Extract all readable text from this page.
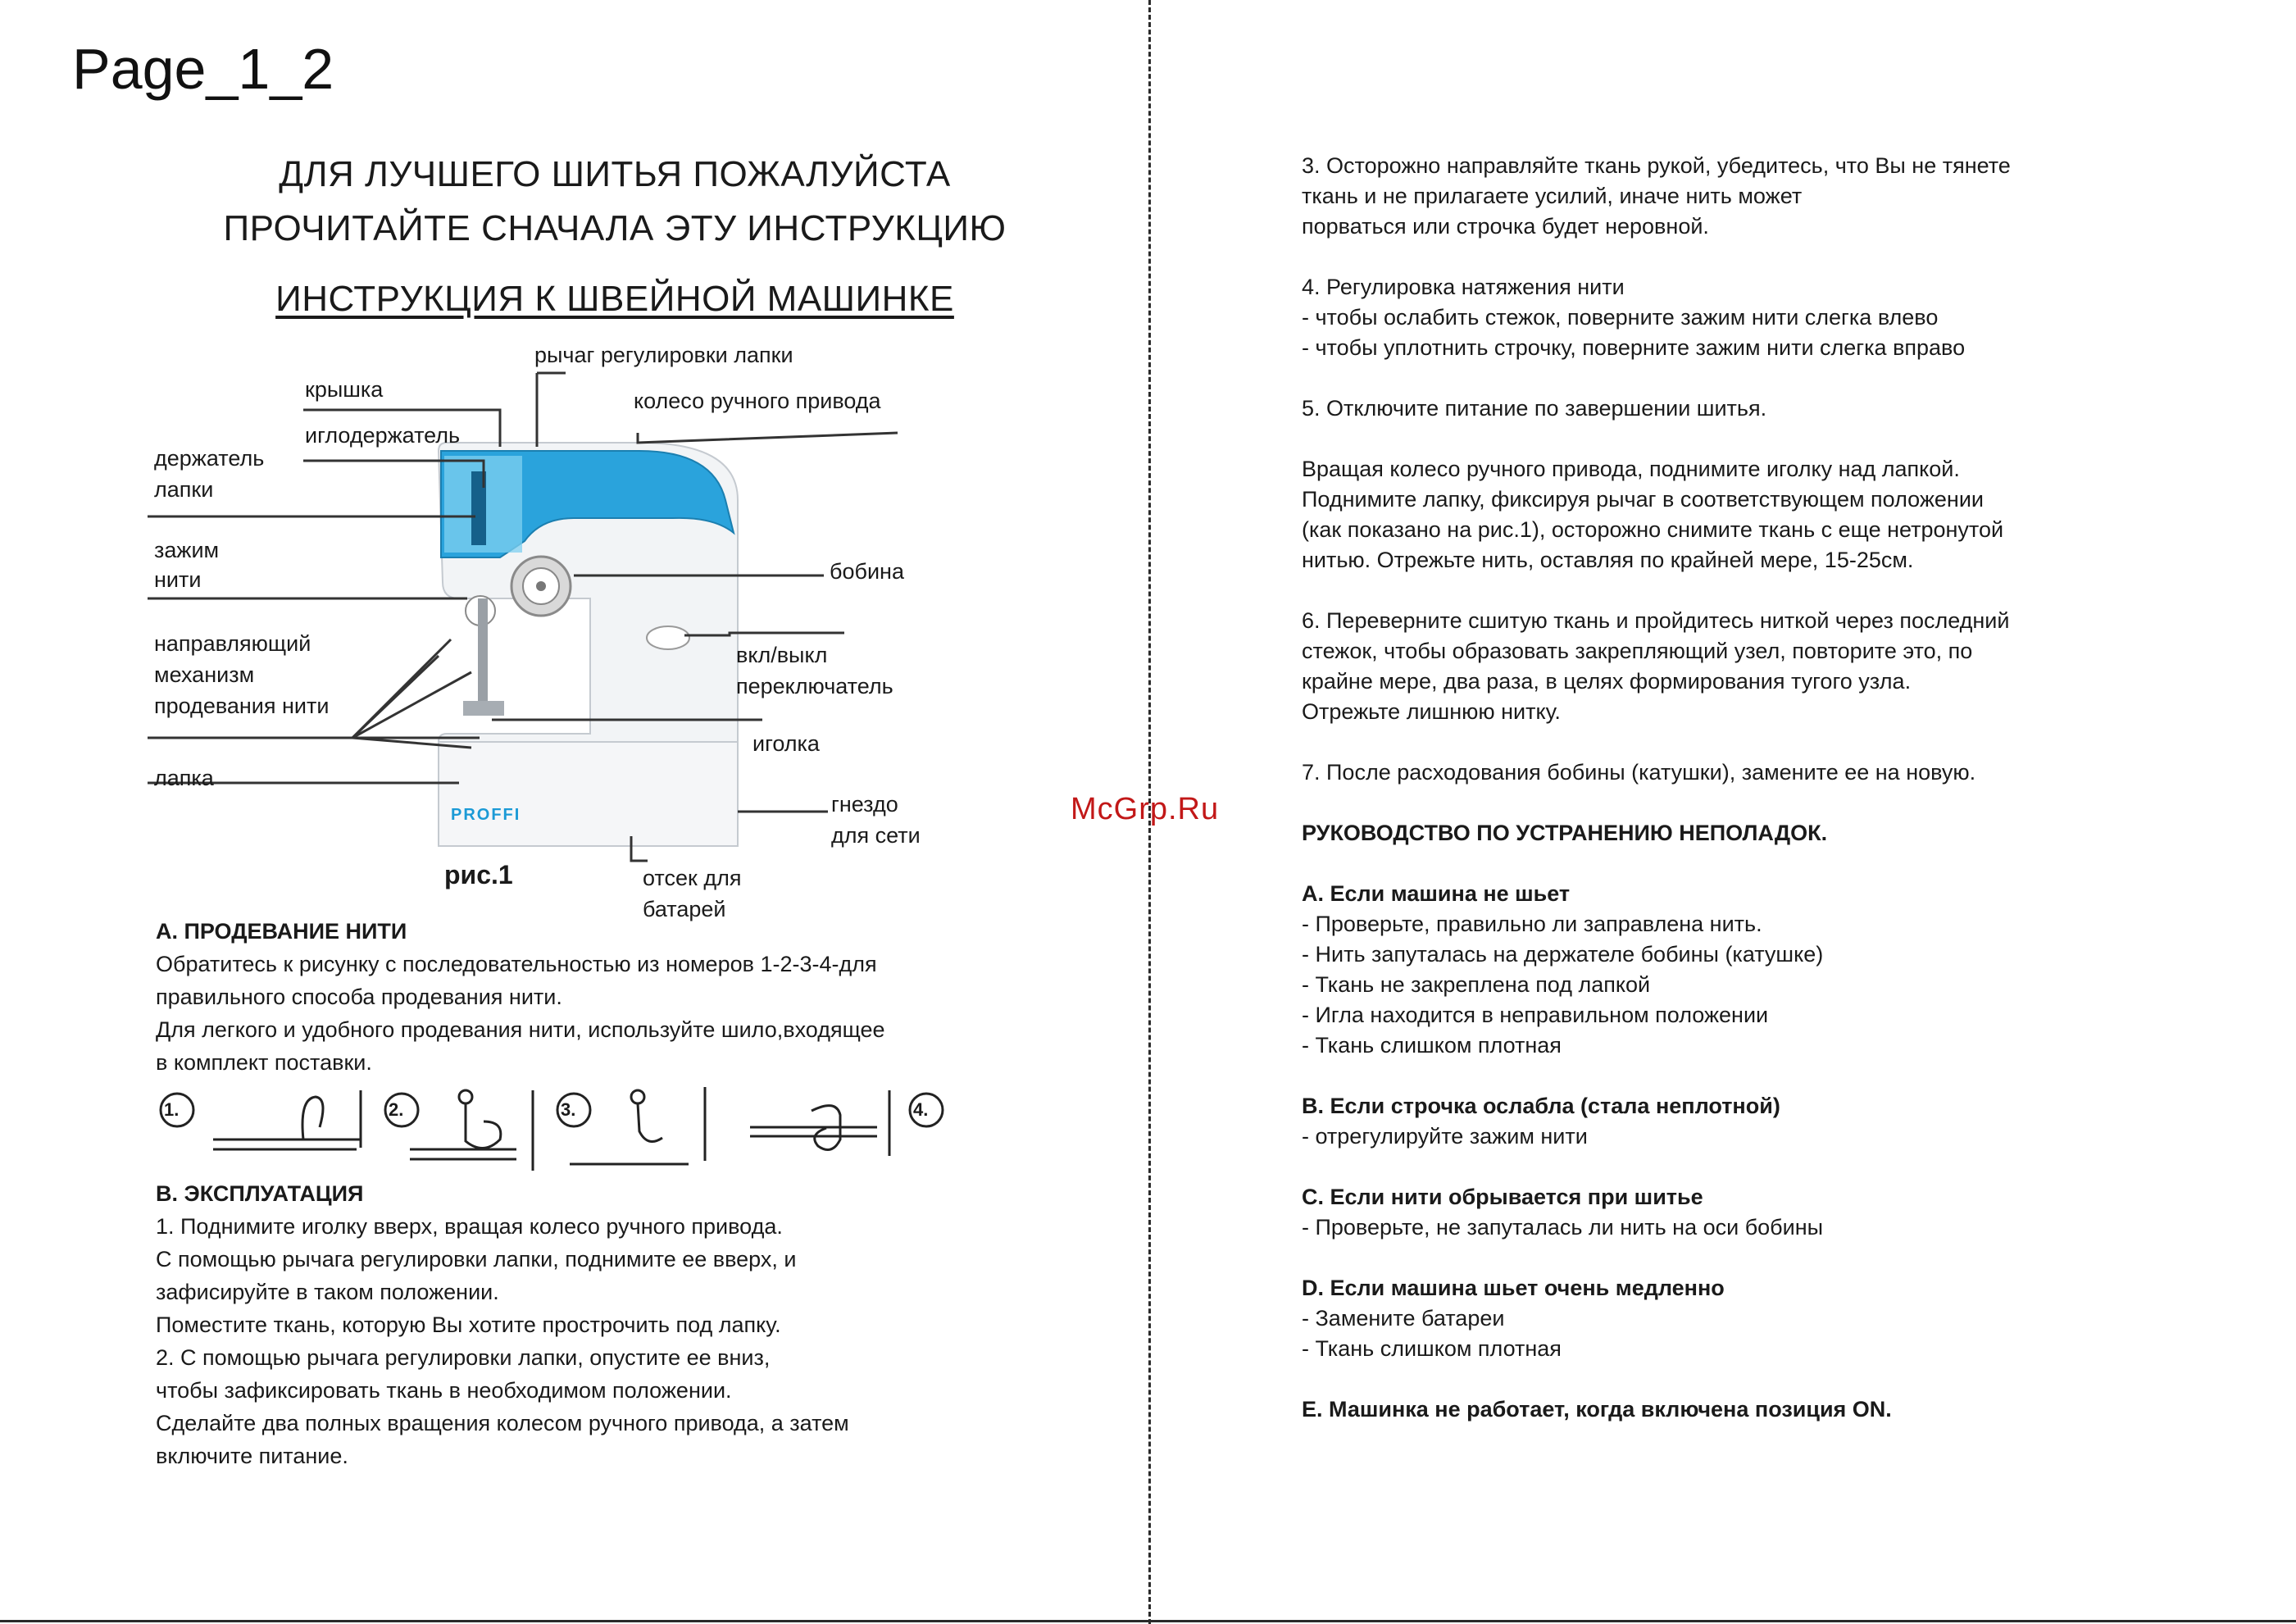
Page_1_2
ДЛЯ ЛУЧШЕГО ШИТЬЯ ПОЖАЛУЙСТА
ПРОЧИТАЙТЕ СНАЧАЛА ЭТУ ИНСТРУКЦИЮ
ИНСТРУКЦИЯ К ШВЕЙНОЙ МАШИНКЕ
PROFFI
рычаг регулировки лапки
крышка	колесо ручного привода
иглодержатель
держатель
лапки
зажим
нити	бобина
направляющий
механизм
продевания нити
вкл/выкл
переключатель
иголка
лапка
гнездо
для сети
рис.1	отсек для
батарей
A. ПРОДЕВАНИЕ НИТИ
Обратитесь к рисунку с последовательностью из номеров 1-2-3-4-для
правильного способа продевания нити.
Для легкого и удобного продевания нити, используйте шило,входящее
в комплект поставки.
1.	2.	3.	4.
B. ЭКСПЛУАТАЦИЯ
1. Поднимите иголку вверх, вращая колесо ручного привода.
С помощью рычага регулировки лапки, поднимите ее вверх, и
зафисируйте в таком положении.
Поместите ткань, которую Вы хотите прострочить под лапку.
2. С помощью рычага регулировки лапки, опустите ее вниз,
чтобы зафиксировать ткань в необходимом положении.
Сделайте два полных вращения колесом ручного привода, а затем
включите питание.
McGrp.Ru
3. Осторожно направляйте ткань рукой, убедитесь, что Вы не тянете
ткань и не прилагаете усилий, иначе нить может
порваться или строчка будет неровной.
4. Регулировка натяжения нити
- чтобы ослабить стежок, поверните зажим нити слегка влево
- чтобы уплотнить строчку, поверните зажим нити слегка вправо
5. Отключите питание по завершении шитья.
Вращая колесо ручного привода, поднимите иголку над лапкой.
Поднимите лапку, фиксируя рычаг в соответствующем положении
(как показано на рис.1), осторожно снимите ткань с еще нетронутой
нитью. Отрежьте нить, оставляя по крайней мере, 15-25см.
6. Переверните сшитую ткань и пройдитесь ниткой через последний
стежок, чтобы образовать закрепляющий узел, повторите это, по
крайне мере, два раза, в целях формирования тугого узла.
Отрежьте лишнюю нитку.
7. После расходования бобины (катушки), замените ее на новую.
РУКОВОДСТВО ПО УСТРАНЕНИЮ НЕПОЛАДОК.
A. Если машина не шьет
- Проверьте, правильно ли заправлена нить.
- Нить запуталась на держателе бобины (катушке)
- Ткань не закреплена под лапкой
- Игла находится в неправильном положении
- Ткань слишком плотная
B. Если строчка ослабла (стала неплотной)
- отрегулируйте зажим нити
C. Если нити обрывается при шитье
- Проверьте, не запуталась ли нить на оси бобины
D. Если машина шьет очень медленно
- Замените батареи
- Ткань слишком плотная
E. Машинка не работает, когда включена позиция ON.
